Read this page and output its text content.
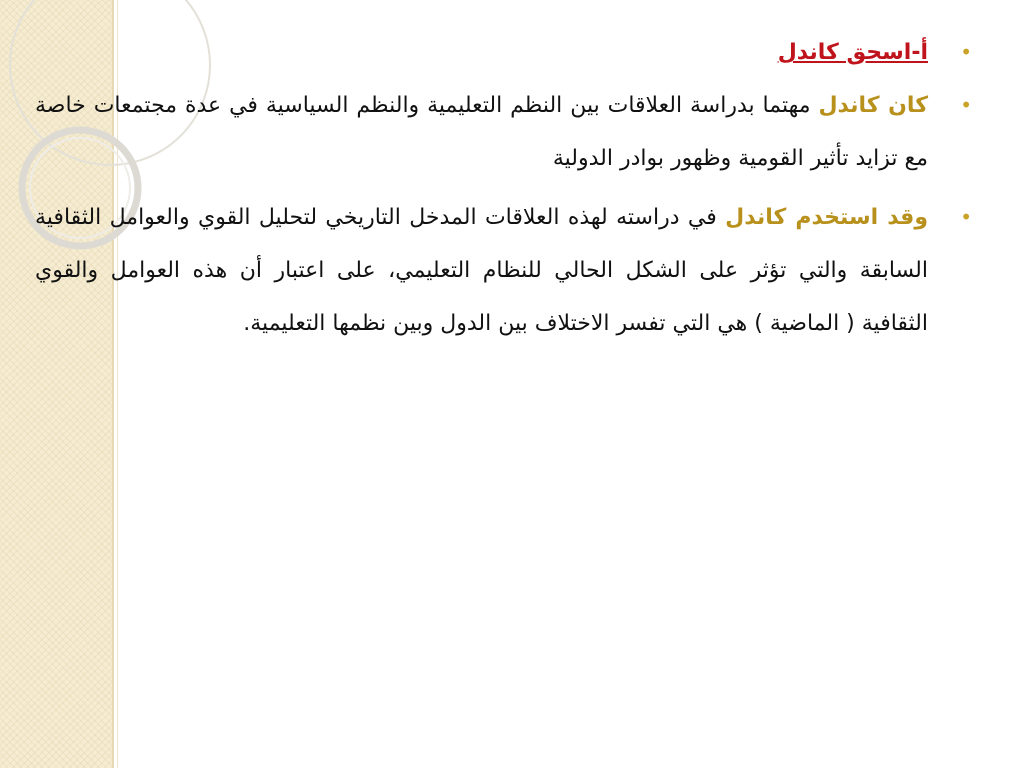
•
أ-اسحق كاندل
•
كان كاندل مهتما بدراسة العلاقات بين النظم التعليمية والنظم السياسية في عدة مجتمعات خاصة مع تزايد تأثير القومية وظهور بوادر الدولية
•
وقد استخدم كاندل في دراسته لهذه العلاقات المدخل التاريخي لتحليل القوي والعوامل الثقافية السابقة والتي تؤثر على الشكل الحالي للنظام التعليمي، على اعتبار أن هذه العوامل والقوي الثقافية ( الماضية ) هي التي تفسر الاختلاف بين الدول وبين نظمها التعليمية.
